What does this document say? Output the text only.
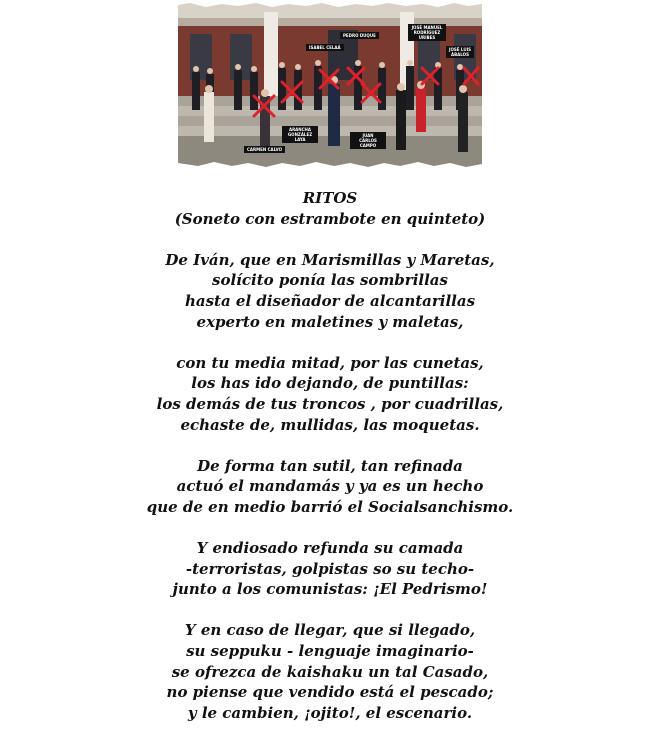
ISABEL CELAÁ
PEDRO DUQUE
JOSÉ MANUEL RODRÍGUEZ URIBES
JOSÉ LUIS ÁBALOS
ARANCHA GONZÁLEZ LAYA
CARMEN CALVO
JUAN CARLOS CAMPO
RITOS
(Soneto con estrambote en quinteto)
De Iván, que en Marismillas y Maretas,
solícito ponía las sombrillas
hasta el diseñador de alcantarillas
experto en maletines y maletas,
con tu media mitad, por las cunetas,
los has ido dejando, de puntillas:
los demás de tus troncos , por cuadrillas,
echaste de, mullidas, las moquetas.
De forma tan sutil, tan refinada
actuó el mandamás y ya es un hecho
que de en medio barrió el Socialsanchismo.
Y endiosado refunda su camada
-terroristas, golpistas so su techo-
junto a los comunistas: ¡El Pedrismo!
Y en caso de llegar, que si llegado,
su seppuku - lenguaje imaginario-
se ofrezca de kaishaku un tal Casado,
no piense que vendido está el pescado;
y le cambien, ¡ojito!, el escenario.
